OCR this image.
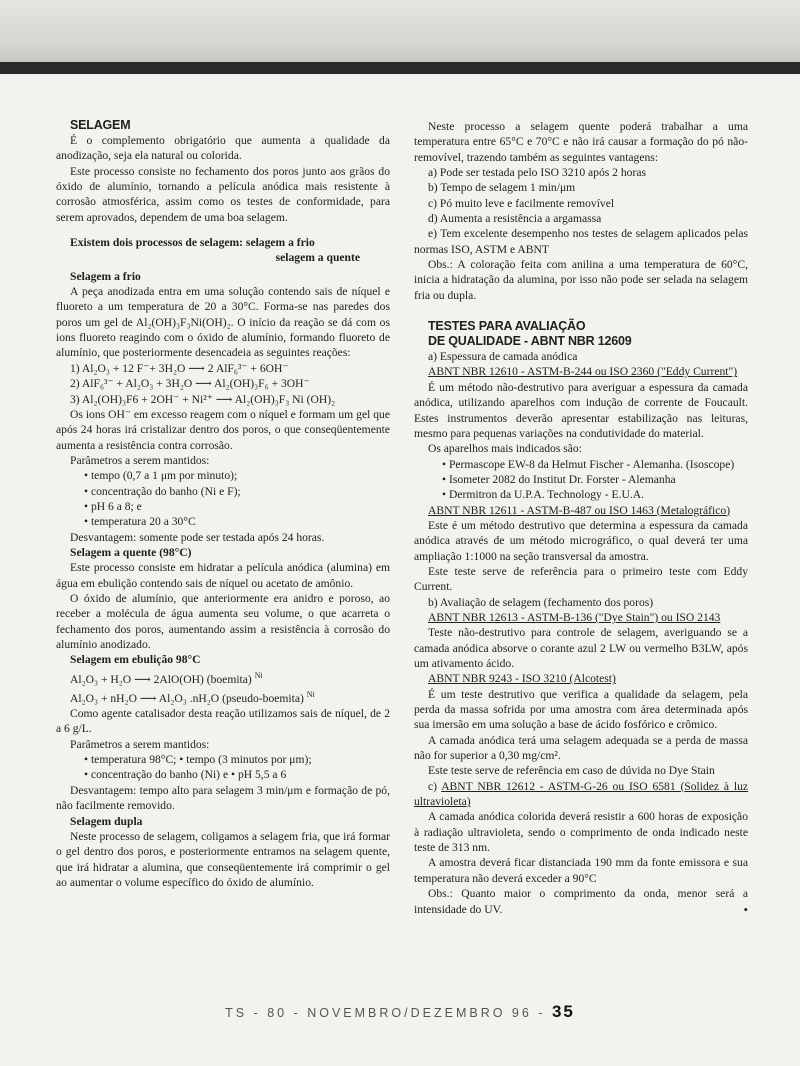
SELAGEM

É o complemento obrigatório que aumenta a qualidade da anodização, seja ela natural ou colorida.

Este processo consiste no fechamento dos poros junto aos grãos do óxido de alumínio, tornando a película anódica mais resistente à corrosão atmosférica, assim como os testes de conformidade, para serem aprovados, dependem de uma boa selagem.

Existem dois processos de selagem: selagem a frio

selagem a quente

Selagem a frio

A peça anodizada entra em uma solução contendo sais de níquel e fluoreto a um temperatura de 20 a 30°C. Forma-se nas paredes dos poros um gel de Al₂(OH)₃F₃Ni(OH)₂. O início da reação se dá com os ions fluoreto reagindo com o óxido de alumínio, formando fluoreto de alumínio, que posteriormente desencadeia as seguintes reações:

1) Al₂O₃ + 12 F⁻+ 3H₂O ⟶ 2 AlF₆³⁻ + 6OH⁻

2) AlF₆³⁻ + Al₂O₃ + 3H₂O ⟶ Al₂(OH)₃F₆ + 3OH⁻

3) Al₂(OH)₃F6 + 2OH⁻ + Ni²⁺ ⟶ Al₂(OH)₃F₃ Ni (OH)₂

Os ions OH⁻ em excesso reagem com o níquel e formam um gel que após 24 horas irá cristalizar dentro dos poros, o que conseqüentemente aumenta a resistência contra corrosão.

Parâmetros a serem mantidos:

• tempo (0,7 a 1 μm por minuto);

• concentração do banho (Ni e F);

• pH 6 a 8; e

• temperatura 20 a 30°C

Desvantagem: somente pode ser testada após 24 horas.

Selagem a quente (98°C)

Este processo consiste em hidratar a película anódica (alumina) em água em ebulição contendo sais de níquel ou acetato de amônio.

O óxido de alumínio, que anteriormente era anidro e poroso, ao receber a molécula de água aumenta seu volume, o que acarreta o fechamento dos poros, aumentando assim a resistência à corrosão do alumínio anodizado.

Selagem em ebulição 98°C

Al₂O₃ + H₂O ⟶ 2AlO(OH) (boemita) $^{Ni}$

Al₂O₃ + nH₂O ⟶ Al₂O₃ .nH₂O (pseudo-boemita) $^{Ni}$

Como agente catalisador desta reação utilizamos sais de níquel, de 2 a 6 g/L.

Parâmetros a serem mantidos:

• temperatura 98°C; • tempo (3 minutos por μm);

• concentração do banho (Ni) e • pH 5,5 a 6

Desvantagem: tempo alto para selagem 3 min/μm e formação de pó, não facilmente removido.

Selagem dupla

Neste processo de selagem, coligamos a selagem fria, que irá formar o gel dentro dos poros, e posteriormente entramos na selagem quente, que irá hidratar a alumina, que conseqüentemente irá comprimir o gel ao aumentar o volume específico do óxido de alumínio.

Neste processo a selagem quente poderá trabalhar a uma temperatura entre 65°C e 70°C e não irá causar a formação do pó não-removível, trazendo também as seguintes vantagens:

a) Pode ser testada pelo ISO 3210 após 2 horas

b) Tempo de selagem 1 min/μm

c) Pó muito leve e facilmente removível

d) Aumenta a resistência a argamassa

e) Tem excelente desempenho nos testes de selagem aplicados pelas normas ISO, ASTM e ABNT

Obs.: A coloração feita com anilina a uma temperatura de 60°C, inicia a hidratação da alumina, por isso não pode ser selada na selagem fria ou dupla.

TESTES PARA AVALIAÇÃO

DE QUALIDADE - ABNT NBR 12609

a) Espessura de camada anódica

ABNT NBR 12610 - ASTM-B-244 ou ISO 2360 ("Eddy Current")

É um método não-destrutivo para averiguar a espessura da camada anódica, utilizando aparelhos com indução de corrente de Foucault. Estes instrumentos deverão apresentar estabilização nas leituras, mesmo para pequenas variações na condutividade do material.

Os aparelhos mais indicados são:

• Permascope EW-8 da Helmut Fischer - Alemanha. (Isoscope)

• Isometer 2082 do Institut Dr. Forster - Alemanha

• Dermitron da U.P.A. Technology - E.U.A.

ABNT NBR 12611 - ASTM-B-487 ou ISO 1463 (Metalográfico)

Este é um método destrutivo que determina a espessura da camada anódica através de um método micrográfico, o qual deverá ter uma ampliação 1:1000 na seção transversal da amostra.

Este teste serve de referência para o primeiro teste com Eddy Current.

b) Avaliação de selagem (fechamento dos poros)

ABNT NBR 12613 - ASTM-B-136 ("Dye Stain") ou ISO 2143

Teste não-destrutivo para controle de selagem, averiguando se a camada anódica absorve o corante azul 2 LW ou vermelho B3LW, após um ativamento ácido.

ABNT NBR 9243 - ISO 3210 (Alcotest)

É um teste destrutivo que verifica a qualidade da selagem, pela perda da massa sofrida por uma amostra com área determinada após sua imersão em uma solução a base de ácido fosfórico e crômico.

A camada anódica terá uma selagem adequada se a perda de massa não for superior a 0,30 mg/cm².

Este teste serve de referência em caso de dúvida no Dye Stain

c) ABNT NBR 12612 - ASTM-G-26 ou ISO 6581 (Solidez à luz ultravioleta)

A camada anódica colorida deverá resistir a 600 horas de exposição à radiação ultravioleta, sendo o comprimento de onda indicado neste teste de 313 nm.

A amostra deverá ficar distanciada 190 mm da fonte emissora e sua temperatura não deverá exceder a 90°C

Obs.: Quanto maior o comprimento da onda, menor será a intensidade do UV.	•

TS - 80 - NOVEMBRO/DEZEMBRO 96 - 35
